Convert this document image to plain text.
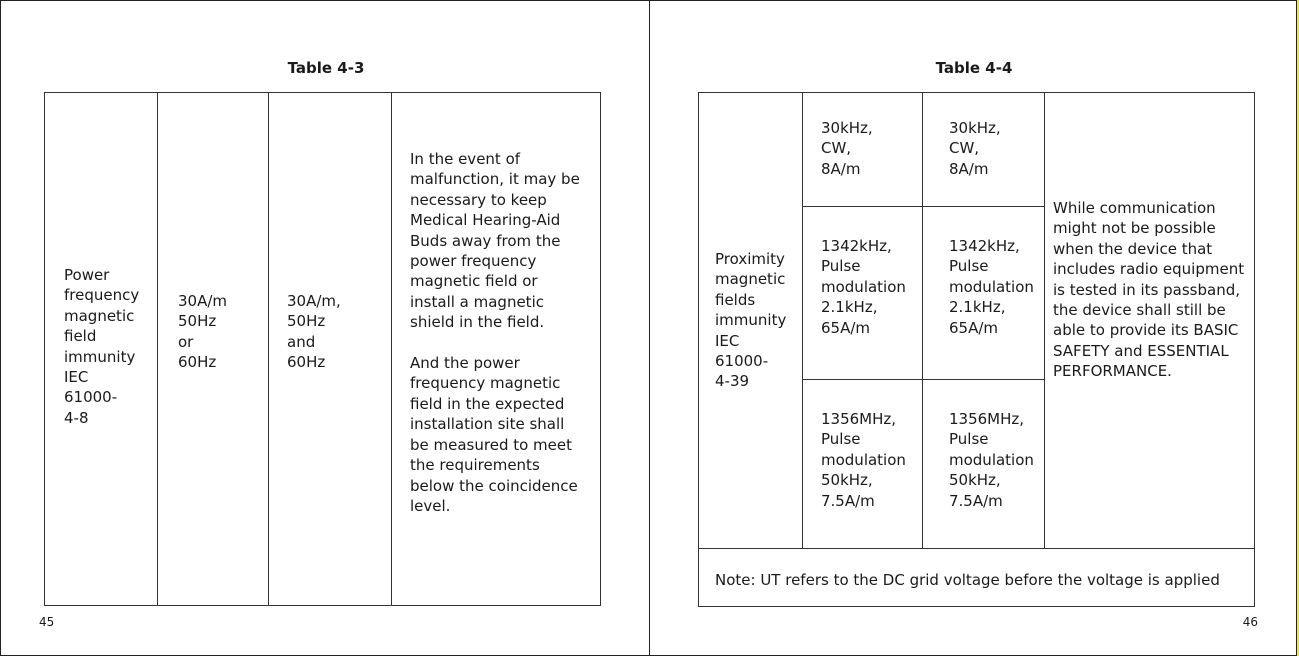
Table 4-3
Power
frequency
magnetic
field
immunity
IEC
61000-
4-8
30A/m
50Hz
or
60Hz
30A/m,
50Hz
and
60Hz
In the event of
malfunction, it may be
necessary to keep
Medical Hearing-Aid
Buds away from the
power frequency
magnetic field or
install a magnetic
shield in the field.

And the power
frequency magnetic
field in the expected
installation site shall
be measured to meet
the requirements
below the coincidence
level.
45
Table 4-4
Proximity
magnetic
fields
immunity
IEC
61000-
4-39
30kHz,
CW,
8A/m
1342kHz,
Pulse
modulation
2.1kHz,
65A/m
1356MHz,
Pulse
modulation
50kHz,
7.5A/m
30kHz,
CW,
8A/m
1342kHz,
Pulse
modulation
2.1kHz,
65A/m
1356MHz,
Pulse
modulation
50kHz,
7.5A/m
While communication
might not be possible
when the device that
includes radio equipment
is tested in its passband,
the device shall still be
able to provide its BASIC
SAFETY and ESSENTIAL
PERFORMANCE.
Note: UT refers to the DC grid voltage before the voltage is applied
46
